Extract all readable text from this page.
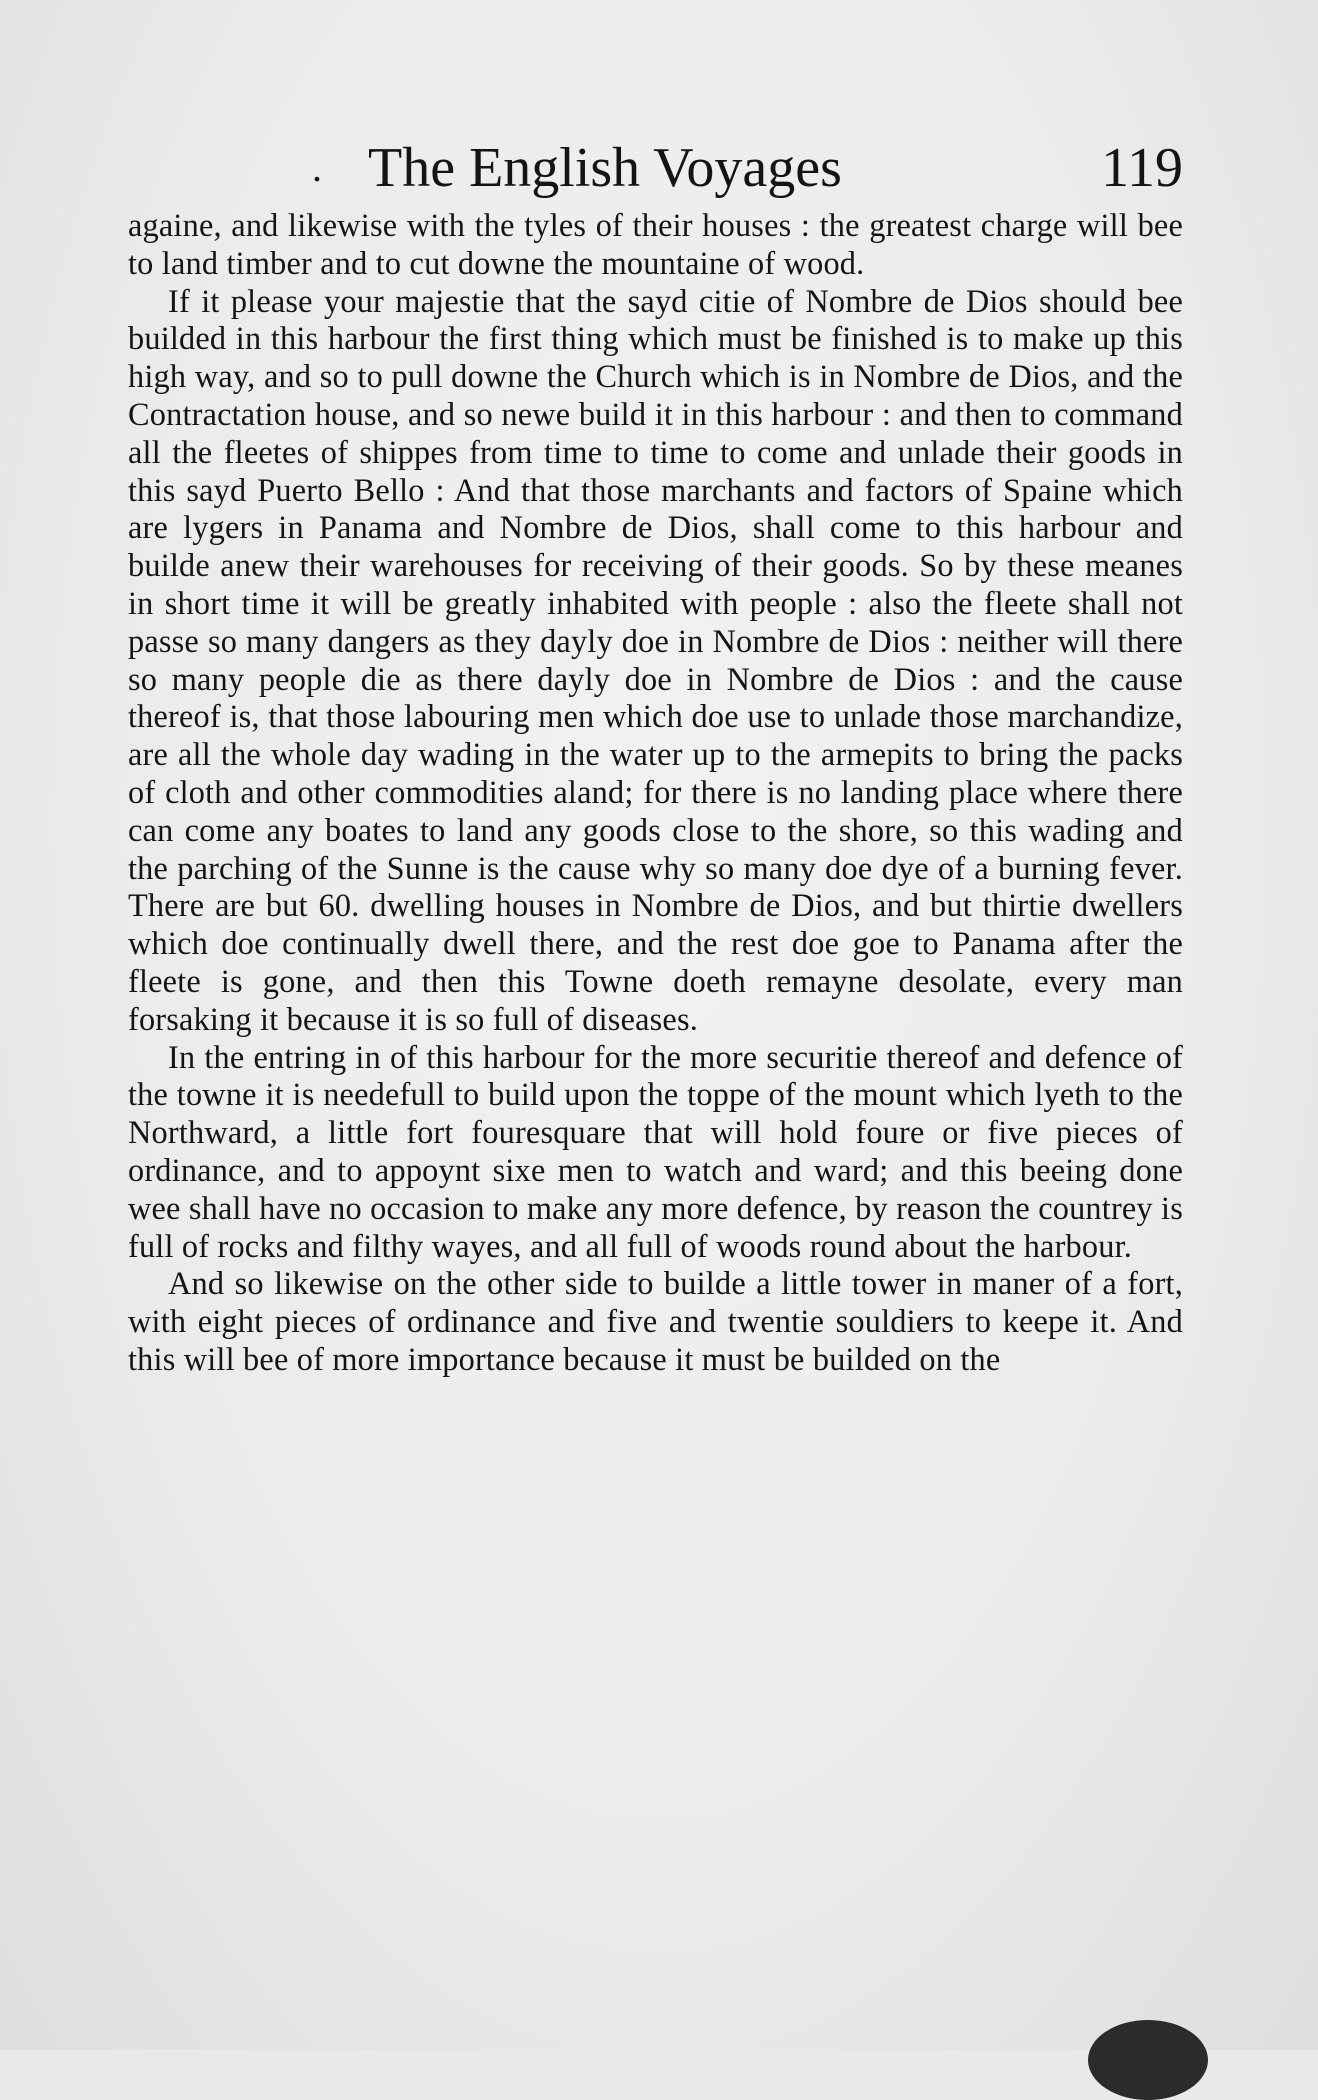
. The English Voyages	119

againe, and likewise with the tyles of their houses : the greatest charge will bee to land timber and to cut downe the mountaine of wood.

If it please your majestie that the sayd citie of Nombre de Dios should bee builded in this harbour the first thing which must be finished is to make up this high way, and so to pull downe the Church which is in Nombre de Dios, and the Contractation house, and so newe build it in this harbour : and then to command all the fleetes of shippes from time to time to come and unlade their goods in this sayd Puerto Bello : And that those marchants and factors of Spaine which are lygers in Panama and Nombre de Dios, shall come to this harbour and builde anew their warehouses for receiving of their goods. So by these meanes in short time it will be greatly inhabited with people : also the fleete shall not passe so many dangers as they dayly doe in Nombre de Dios : neither will there so many people die as there dayly doe in Nombre de Dios : and the cause thereof is, that those labouring men which doe use to unlade those marchandize, are all the whole day wading in the water up to the armepits to bring the packs of cloth and other commodities aland; for there is no landing place where there can come any boates to land any goods close to the shore, so this wading and the parching of the Sunne is the cause why so many doe dye of a burning fever. There are but 60. dwelling houses in Nombre de Dios, and but thirtie dwellers which doe continually dwell there, and the rest doe goe to Panama after the fleete is gone, and then this Towne doeth remayne desolate, every man forsaking it because it is so full of diseases.

In the entring in of this harbour for the more securitie thereof and defence of the towne it is needefull to build upon the toppe of the mount which lyeth to the Northward, a little fort fouresquare that will hold foure or five pieces of ordinance, and to appoynt sixe men to watch and ward; and this beeing done wee shall have no occasion to make any more defence, by reason the countrey is full of rocks and filthy wayes, and all full of woods round about the harbour.

And so likewise on the other side to builde a little tower in maner of a fort, with eight pieces of ordinance and five and twentie souldiers to keepe it. And this will bee of more importance because it must be builded on the
